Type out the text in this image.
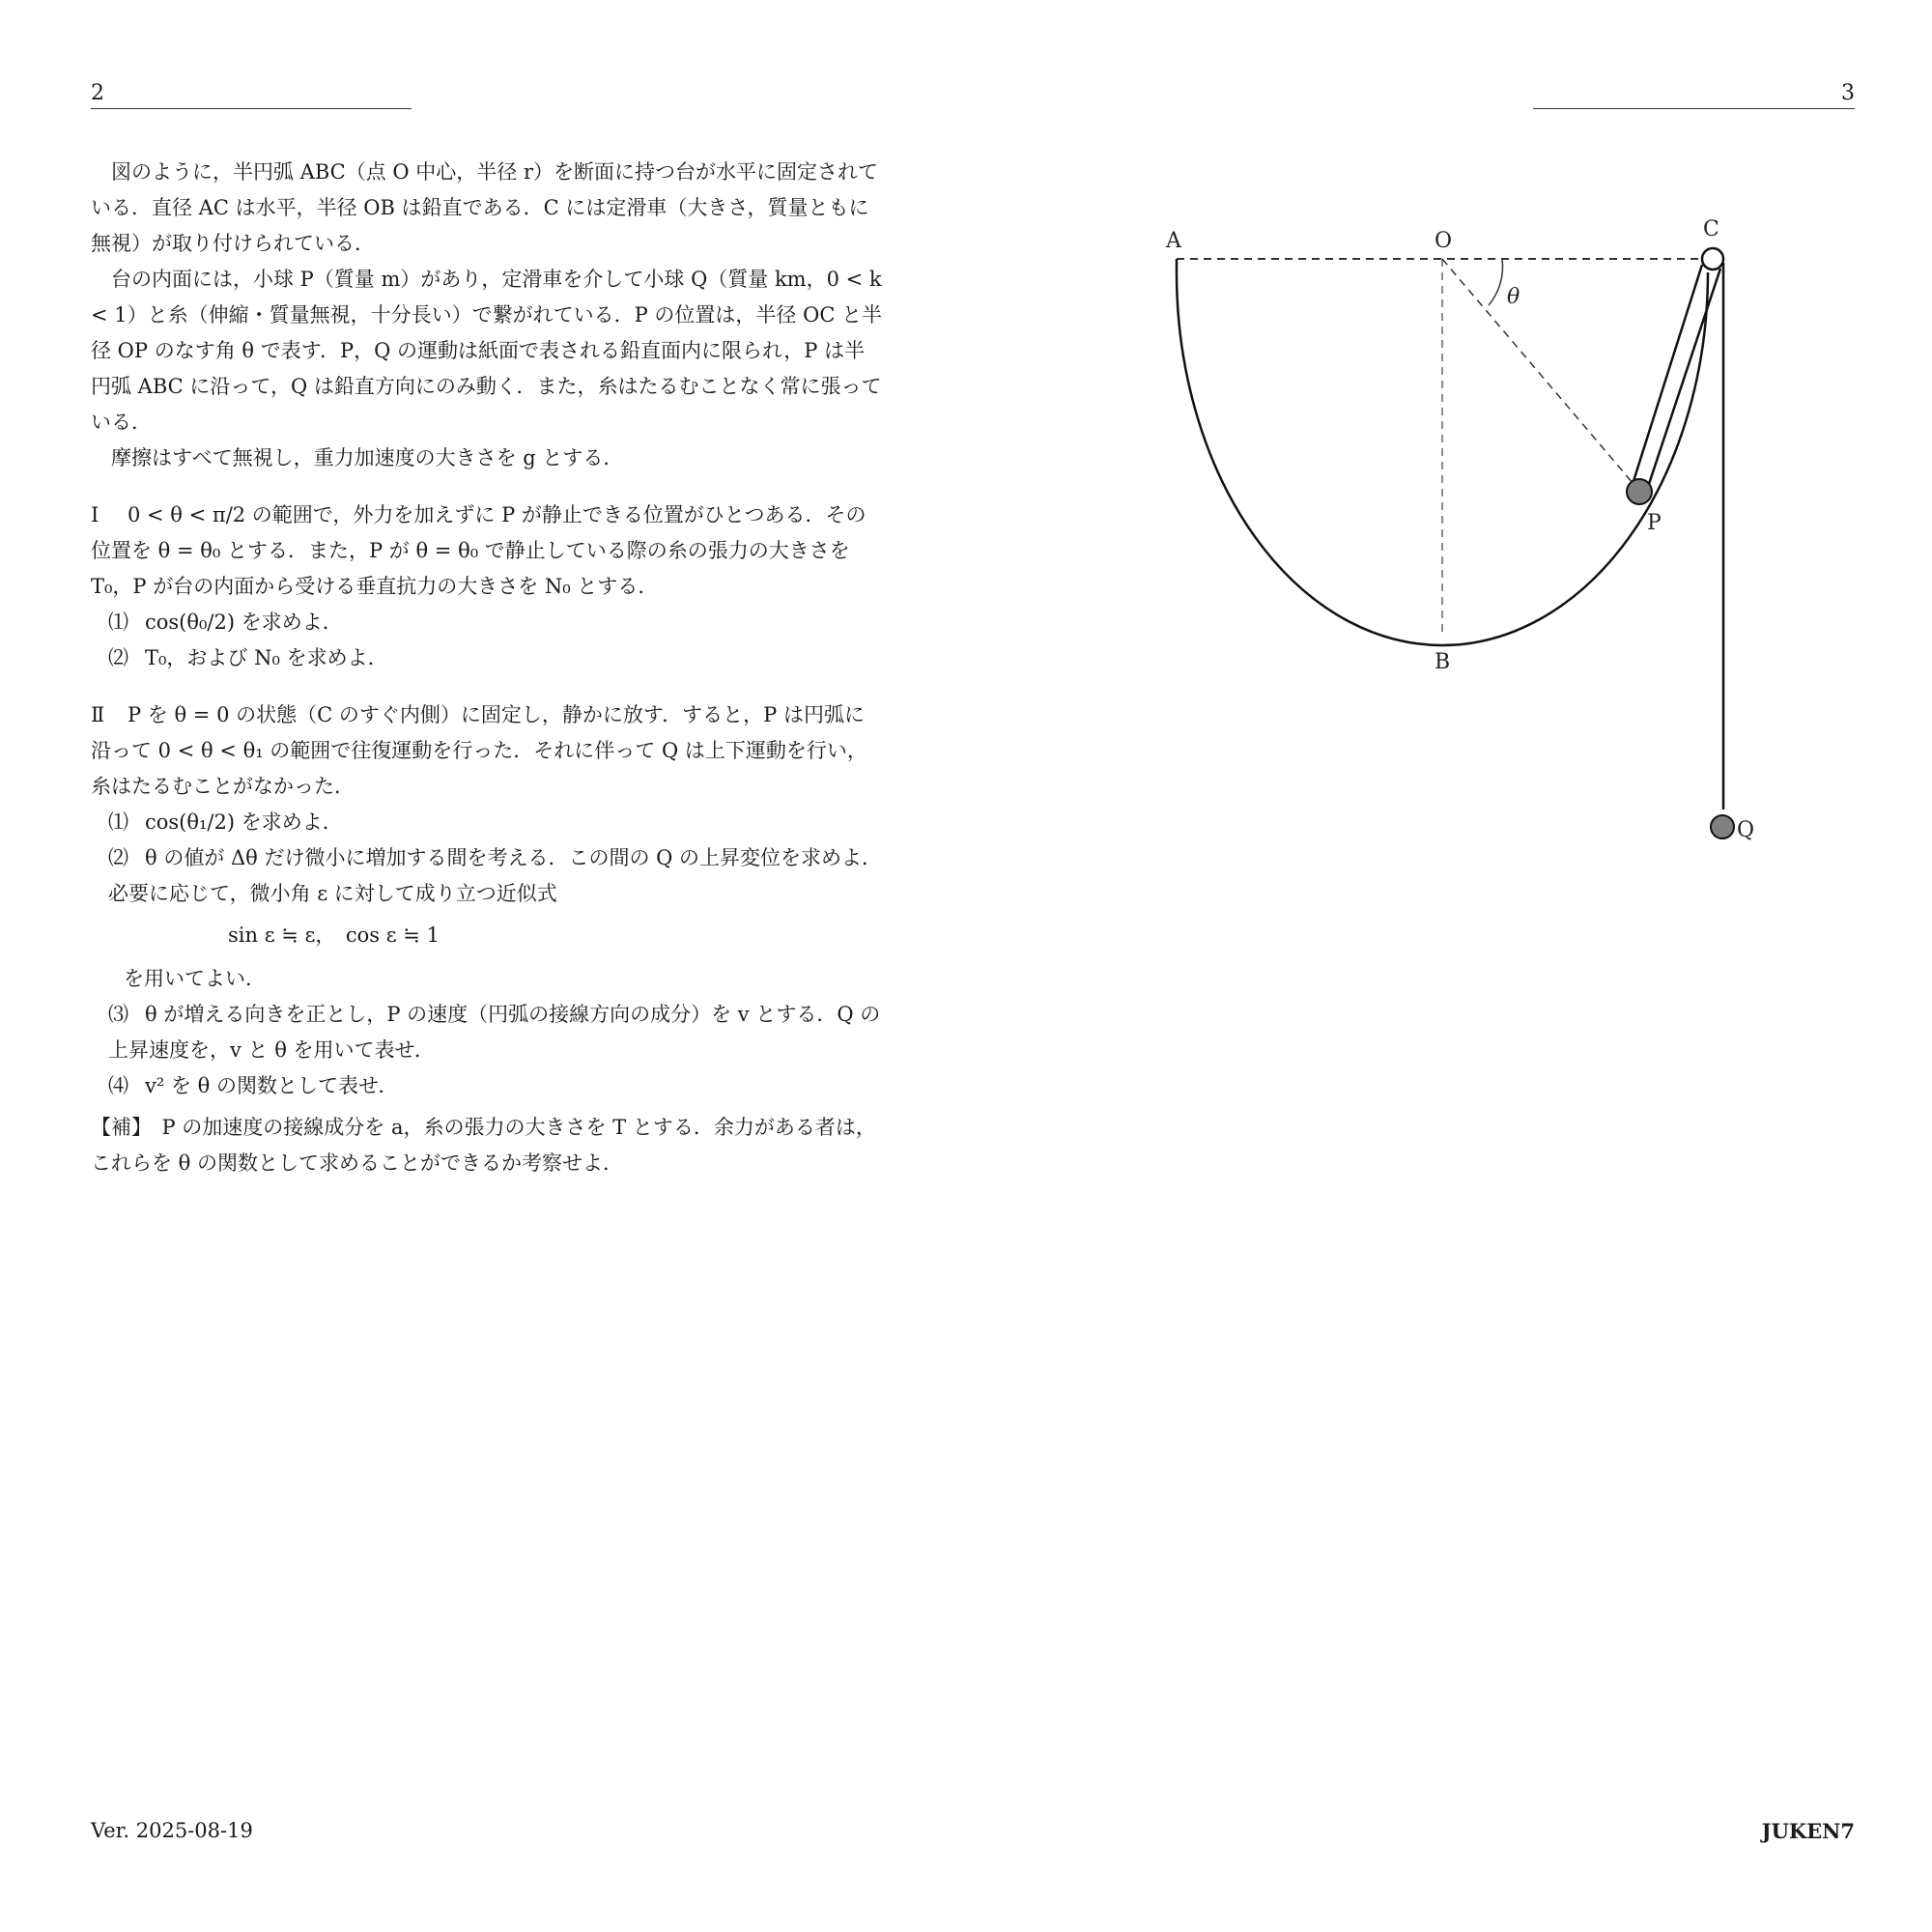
2	3

図のように，半円弧 ABC（点 O 中心，半径 r）を断面に持つ台が水平に固定されている．直径 AC は水平，半径 OB は鉛直である．C には定滑車（大きさ，質量ともに無視）が取り付けられている．

台の内面には，小球 P（質量 m）があり，定滑車を介して小球 Q（質量 km，0 < k < 1）と糸（伸縮・質量無視，十分長い）で繋がれている．P の位置は，半径 OC と半径 OP のなす角 θ で表す．P，Q の運動は紙面で表される鉛直面内に限られ，P は半円弧 ABC に沿って，Q は鉛直方向にのみ動く．また，糸はたるむことなく常に張っている．

摩擦はすべて無視し，重力加速度の大きさを g とする．

Ⅰ 0 < θ < π/2 の範囲で，外力を加えずに P が静止できる位置がひとつある．その位置を θ = θ₀ とする．また，P が θ = θ₀ で静止している際の糸の張力の大きさを T₀，P が台の内面から受ける垂直抗力の大きさを N₀ とする．

⑴ cos(θ₀/2) を求めよ．

⑵ T₀，および N₀ を求めよ．

Ⅱ P を θ = 0 の状態（C のすぐ内側）に固定し，静かに放す．すると，P は円弧に沿って 0 < θ < θ₁ の範囲で往復運動を行った．それに伴って Q は上下運動を行い，糸はたるむことがなかった．

⑴ cos(θ₁/2) を求めよ．

⑵ θ の値が Δθ だけ微小に増加する間を考える．この間の Q の上昇変位を求めよ．必要に応じて，微小角 ε に対して成り立つ近似式

sin ε ≒ ε，　cos ε ≒ 1

を用いてよい．

⑶ θ が増える向きを正とし，P の速度（円弧の接線方向の成分）を v とする．Q の上昇速度を，v と θ を用いて表せ．

⑷ v² を θ の関数として表せ．

【補】　 P の加速度の接線成分を a，糸の張力の大きさを T とする．余力がある者は，これらを θ の関数として求めることができるか考察せよ．

A	O	C
B
P
Q
θ
Ver. 2025-08-19	JUKEN7
